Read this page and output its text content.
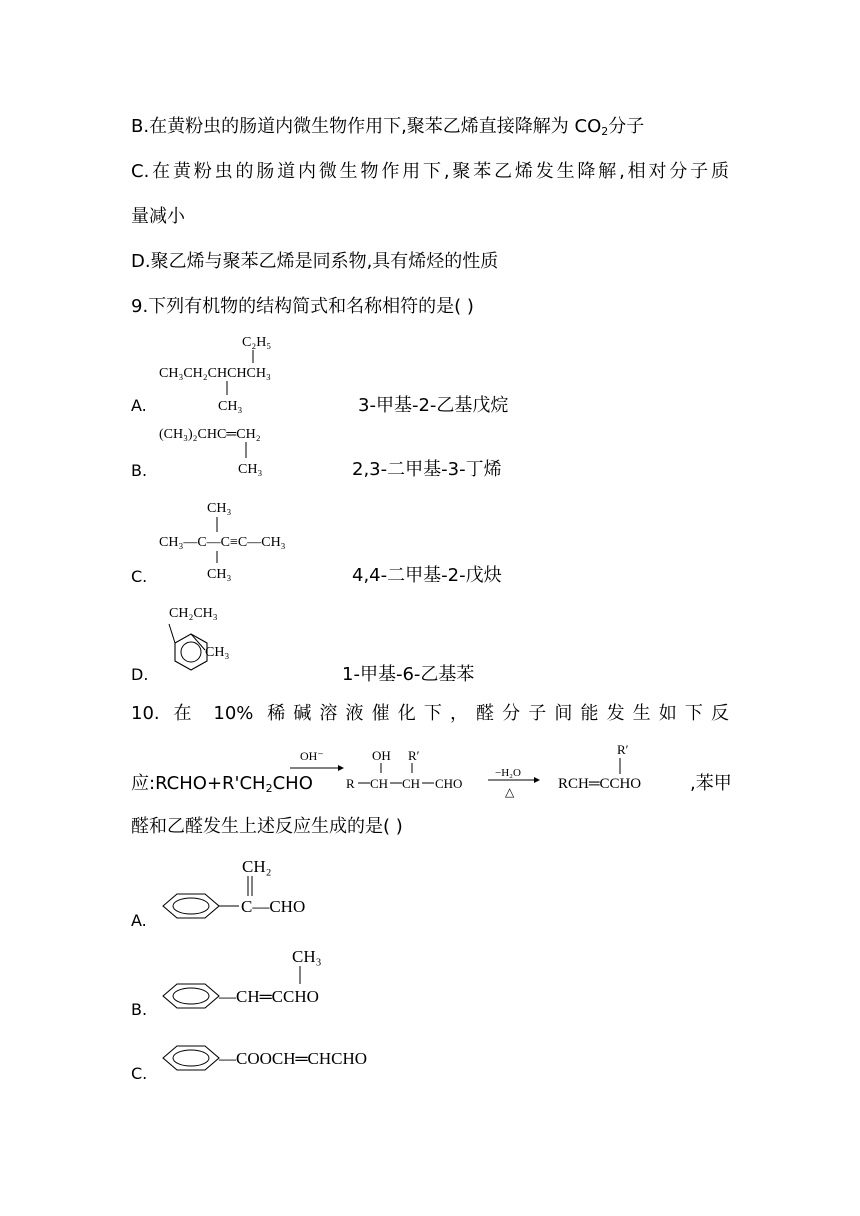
B.在黄粉虫的肠道内微生物作用下,聚苯乙烯直接降解为 $CO_2$分子
C.在黄粉虫的肠道内微生物作用下,聚苯乙烯发生降解,相对分子质
量减小
D.聚乙烯与聚苯乙烯是同系物,具有烯烃的性质
9.下列有机物的结构简式和名称相符的是( )
A.
C₂H₅
CH₃CH₂CHCHCH₃
CH₃	3-甲基-2-乙基戊烷
B.
(CH₃)₂CHC═CH₂
CH₃	2,3-二甲基-3-丁烯
C.
CH₃
CH₃—C—C≡C—CH₃
CH₃	4,4-二甲基-2-戊炔
D.
CH₂CH₃
CH₃
1-甲基-6-乙基苯
10. 在 10% 稀碱溶液催化下，醛分子间能发生如下反
应$:RCHO+R'CH_2CHO$
OH⁻	OH R′
R CH CH CHO
−H₂O
△
R′
RCH═CCHO	,苯甲
醛和乙醛发生上述反应生成的是( )
A.
CH₂
C—CHO
B.
CH₃
—CH═CCHO
C.
—COOCH═CHCHO
